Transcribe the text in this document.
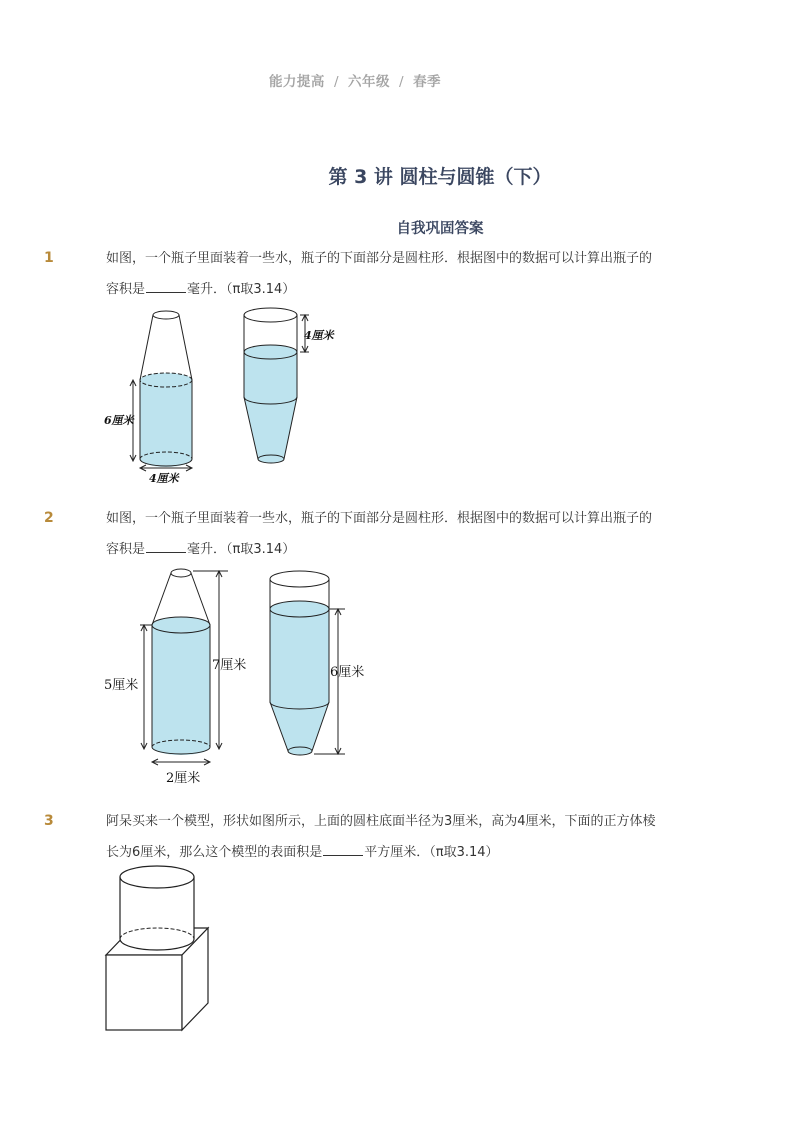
能力提高 / 六年级 / 春季
第 3 讲 圆柱与圆锥（下）
自我巩固答案
1	如图，一个瓶子里面装着一些水，瓶子的下面部分是圆柱形．根据图中的数据可以计算出瓶子的
容积是	毫升．（π取3.14）
6厘米
4厘米
4厘米
2	如图，一个瓶子里面装着一些水，瓶子的下面部分是圆柱形．根据图中的数据可以计算出瓶子的
容积是	毫升．（π取3.14）
5厘米
7厘米
2厘米
6厘米
3	阿呆买来一个模型，形状如图所示，上面的圆柱底面半径为3厘米，高为4厘米，下面的正方体棱
长为6厘米，那么这个模型的表面积是	平方厘米．（π取3.14）
